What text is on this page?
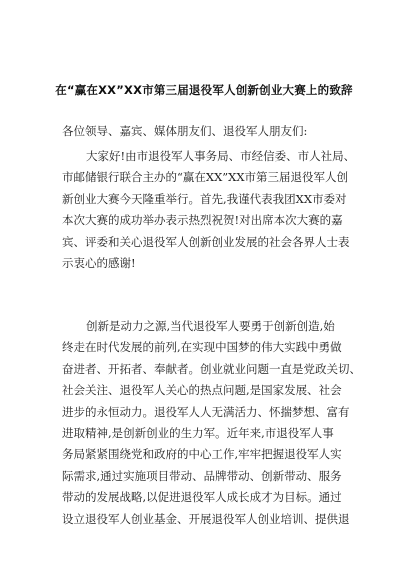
在“赢在XX”XX市第三届退役军人创新创业大赛上的致辞
各位领导、嘉宾、媒体朋友们、退役军人朋友们:
大家好!由市退役军人事务局、市经信委、市人社局、
市邮储银行联合主办的“赢在XX”XX市第三届退役军人创
新创业大赛今天隆重举行。首先,我谨代表我团XX市委对
本次大赛的成功举办表示热烈祝贺!对出席本次大赛的嘉
宾、评委和关心退役军人创新创业发展的社会各界人士表
示衷心的感谢!
创新是动力之源,当代退役军人要勇于创新创造,始
终走在时代发展的前列,在实现中国梦的伟大实践中勇做
奋进者、开拓者、奉献者。创业就业问题一直是党政关切、
社会关注、退役军人关心的热点问题,是国家发展、社会
进步的永恒动力。退役军人人无满活力、怀揣梦想、富有
进取精神,是创新创业的生力军。近年来,市退役军人事
务局紧紧围绕党和政府的中心工作,牢牢把握退役军人实
际需求,通过实施项目带动、品牌带动、创新带动、服务
带动的发展战略,以促进退役军人成长成才为目标。通过
设立退役军人创业基金、开展退役军人创业培训、提供退
